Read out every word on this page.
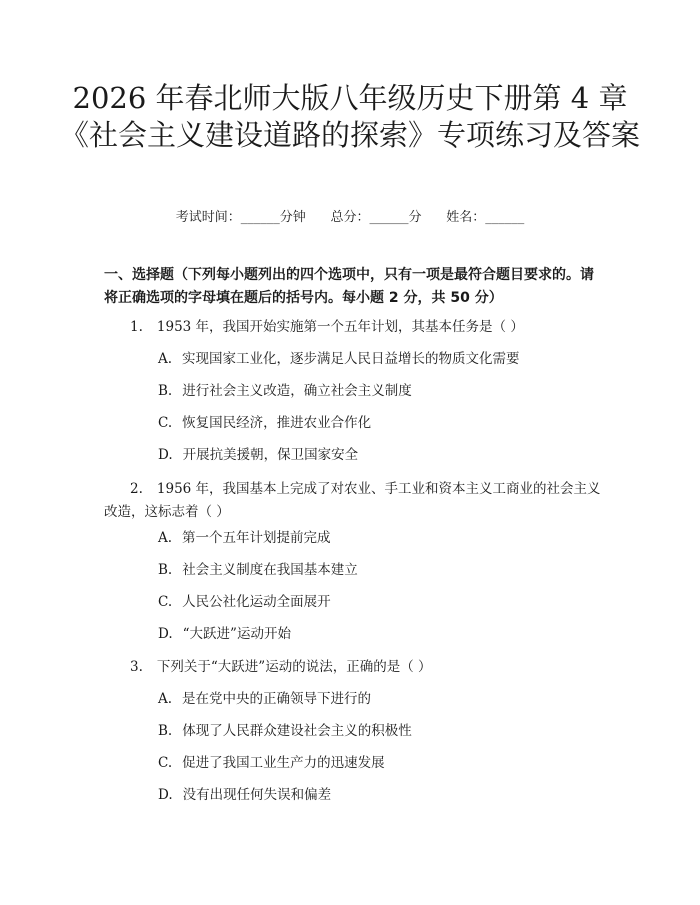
2026 年春北师大版八年级历史下册第 4 章《社会主义建设道路的探索》专项练习及答案
考试时间：______分钟      总分：______分      姓名：______

一、选择题（下列每小题列出的四个选项中，只有一项是最符合题目要求的。请将正确选项的字母填在题后的括号内。每小题 2 分，共 50 分）

1. 1953 年，我国开始实施第一个五年计划，其基本任务是（ ）

A. 实现国家工业化，逐步满足人民日益增长的物质文化需要

B. 进行社会主义改造，确立社会主义制度

C. 恢复国民经济，推进农业合作化

D. 开展抗美援朝，保卫国家安全

2. 1956 年，我国基本上完成了对农业、手工业和资本主义工商业的社会主义改造，这标志着（ ）

A. 第一个五年计划提前完成

B. 社会主义制度在我国基本建立

C. 人民公社化运动全面展开

D. “大跃进”运动开始

3. 下列关于“大跃进”运动的说法，正确的是（ ）

A. 是在党中央的正确领导下进行的

B. 体现了人民群众建设社会主义的积极性

C. 促进了我国工业生产力的迅速发展

D. 没有出现任何失误和偏差
